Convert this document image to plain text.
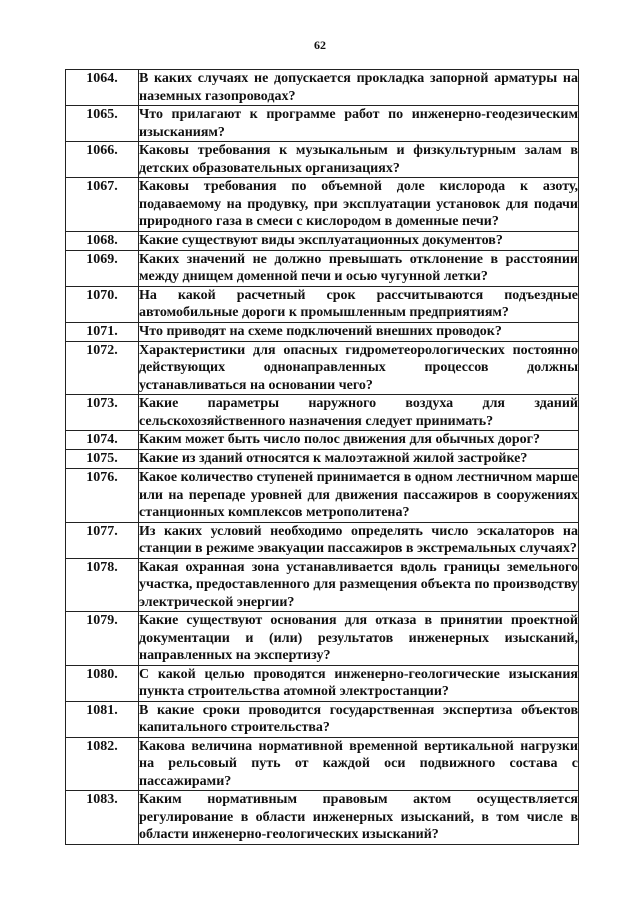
62
1064.	В каких случаях не допускается прокладка запорной арматуры на наземных газопроводах?
1065.	Что прилагают к программе работ по инженерно-геодезическим изысканиям?
1066.	Каковы требования к музыкальным и физкультурным залам в детских образовательных организациях?
1067.	Каковы требования по объемной доле кислорода к азоту, подаваемому на продувку, при эксплуатации установок для подачи природного газа в смеси с кислородом в доменные печи?
1068.	Какие существуют виды эксплуатационных документов?
1069.	Каких значений не должно превышать отклонение в расстоянии между днищем доменной печи и осью чугунной летки?
1070.	На какой расчетный срок рассчитываются подъездные автомобильные дороги к промышленным предприятиям?
1071.	Что приводят на схеме подключений внешних проводок?
1072.	Характеристики для опасных гидрометеорологических постоянно действующих однонаправленных процессов должны устанавливаться на основании чего?
1073.	Какие параметры наружного воздуха для зданий сельскохозяйственного назначения следует принимать?
1074.	Каким может быть число полос движения для обычных дорог?
1075.	Какие из зданий относятся к малоэтажной жилой застройке?
1076.	Какое количество ступеней принимается в одном лестничном марше или на перепаде уровней для движения пассажиров в сооружениях станционных комплексов метрополитена?
1077.	Из каких условий необходимо определять число эскалаторов на станции в режиме эвакуации пассажиров в экстремальных случаях?
1078.	Какая охранная зона устанавливается вдоль границы земельного участка, предоставленного для размещения объекта по производству электрической энергии?
1079.	Какие существуют основания для отказа в принятии проектной документации и (или) результатов инженерных изысканий, направленных на экспертизу?
1080.	С какой целью проводятся инженерно-геологические изыскания пункта строительства атомной электростанции?
1081.	В какие сроки проводится государственная экспертиза объектов капитального строительства?
1082.	Какова величина нормативной временной вертикальной нагрузки на рельсовый путь от каждой оси подвижного состава с пассажирами?
1083.	Каким нормативным правовым актом осуществляется регулирование в области инженерных изысканий, в том числе в области инженерно-геологических изысканий?
